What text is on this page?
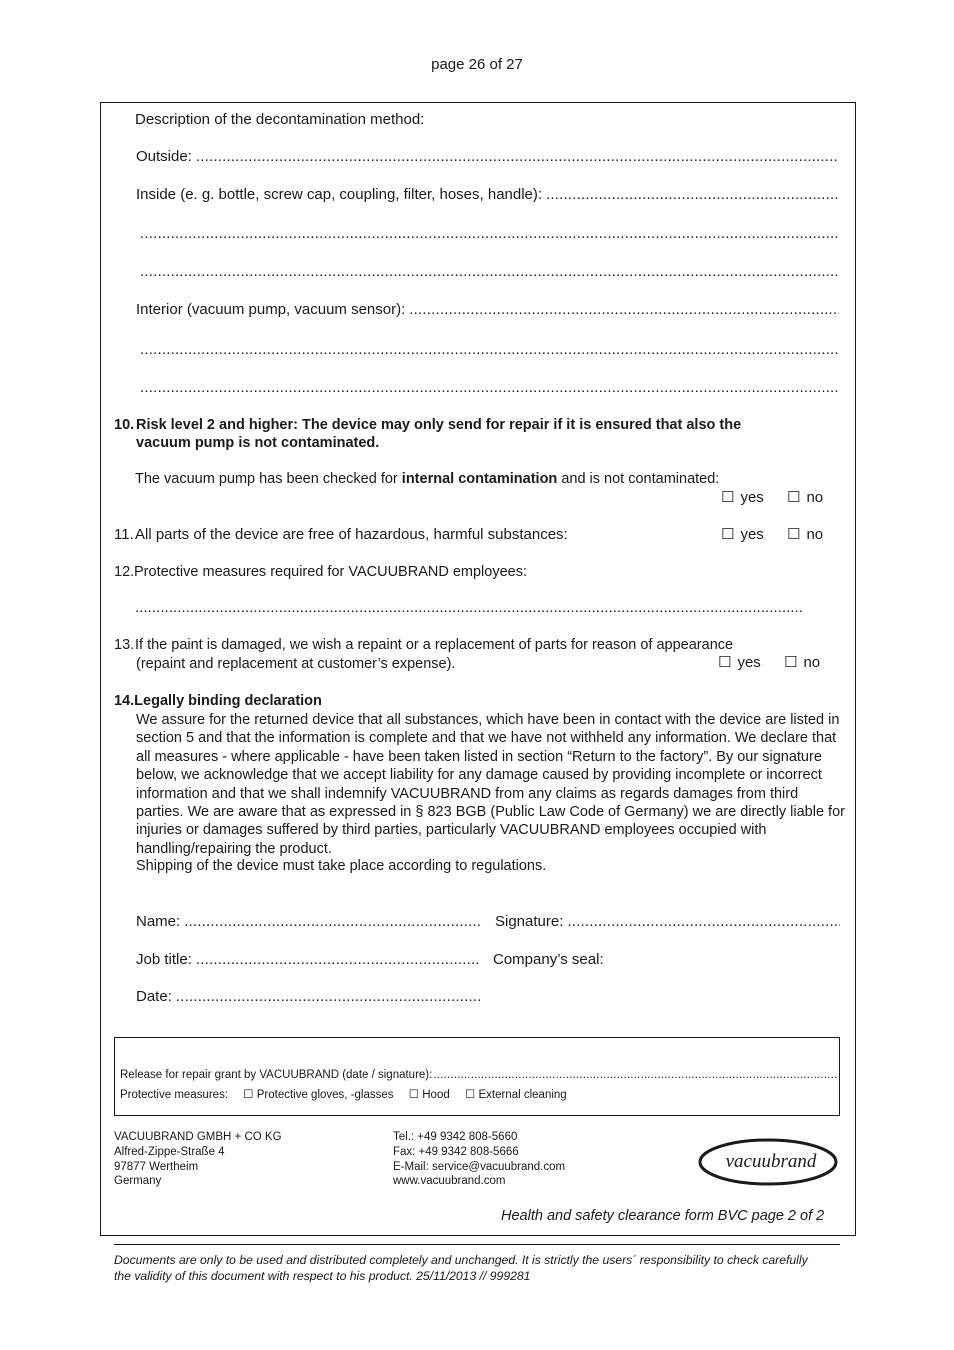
page 26 of 27
Description of the decontamination method:
Outside:
.....
Inside (e. g. bottle, screw cap, coupling, filter, hoses, handle):
.....
.....
.....
Interior (vacuum pump, vacuum sensor):
.....
.....
.....
10. Risk level 2 and higher: The device may only send for repair if it is ensured that also the
vacuum pump is not contaminated.
The vacuum pump has been checked for internal contamination and is not contaminated:
☐ yes ☐ no
11. All parts of the device are free of hazardous, harmful substances:	☐ yes ☐ no
12. Protective measures required for VACUUBRAND employees:
.....
13. If the paint is damaged, we wish a repaint or a replacement of parts for reason of appearance
(repaint and replacement at customer’s expense).	☐ yes ☐ no
14.Legally binding declaration
We assure for the returned device that all substances, which have been in contact with the device are listed in section 5 and that the information is complete and that we have not withheld any information. We declare that all measures - where applicable - have been taken listed in section “Return to the factory”. By our signature below, we acknowledge that we accept liability for any damage caused by providing incomplete or incorrect information and that we shall indemnify VACUUBRAND from any claims as regards damages from third parties. We are aware that as expressed in § 823 BGB (Public Law Code of Germany) we are directly liable for injuries or damages suffered by third parties, particularly VACUUBRAND employees occupied with handling/repairing the product.
Shipping of the device must take place according to regulations.
Name: .....	Signature:
.....
Job title: .....	Company’s seal:
Date:
.....
Release for repair grant by VACUUBRAND (date / signature):
.....
Protective measures: ☐ Protective gloves, -glasses ☐ Hood ☐ External cleaning
VACUUBRAND GMBH + CO KG
Alfred-Zippe-Straße 4
97877 Wertheim
Germany
Tel.: +49 9342 808-5660
Fax: +49 9342 808-5666
E-Mail: service@vacuubrand.com
www.vacuubrand.com
vacuubrand
Health and safety clearance form BVC page 2 of 2
Documents are only to be used and distributed completely and unchanged. It is strictly the users´ responsibility to check carefully
the validity of this document with respect to his product. 25/11/2013 // 999281
